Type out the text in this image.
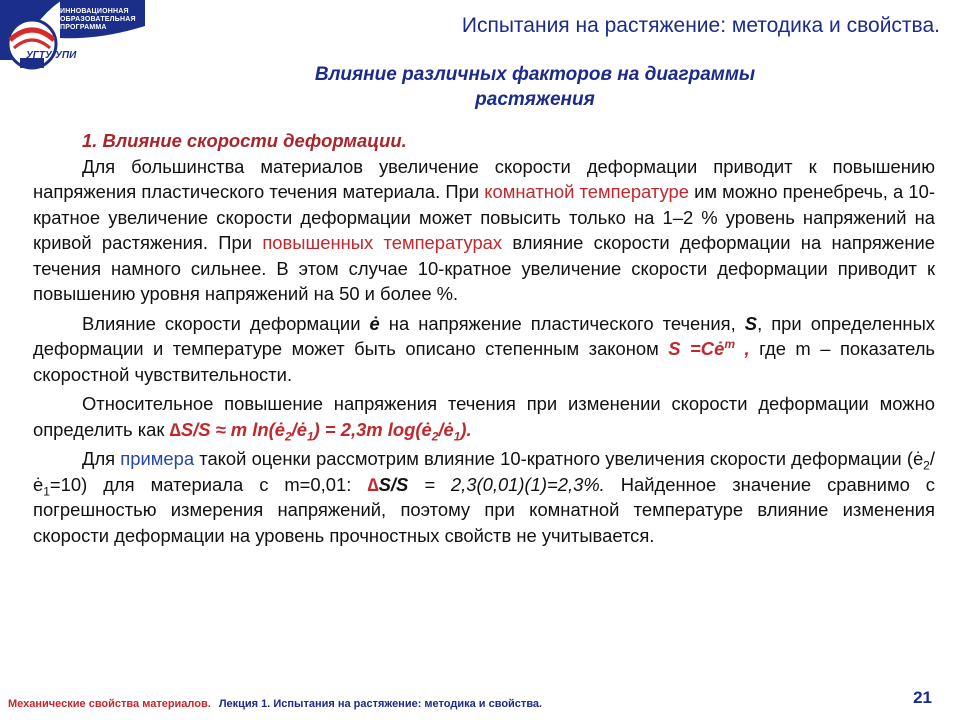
ИННОВАЦИОННАЯ
ОБРАЗОВАТЕЛЬНАЯ
ПРОГРАММА
УГТУ-УПИ
Испытания на растяжение: методика и свойства.
Влияние различных факторов на диаграммы
растяжения
1. Влияние скорости деформации.

Для большинства материалов увеличение скорости деформации приводит к повышению напряжения пластического течения материала. При комнатной температуре им можно пренебречь, а 10-кратное увеличение скорости деформации может повысить только на 1–2 % уровень напряжений на кривой растяжения. При повышенных температурах влияние скорости деформации на напряжение течения намного сильнее. В этом случае 10-кратное увеличение скорости деформации приводит к повышению уровня напряжений на 50 и более %.

Влияние скорости деформации ė на напряжение пластического течения, S, при определенных деформации и температуре может быть описано степенным законом $S =Cė^m$ , где m – показатель скоростной чувствительности.

Относительное повышение напряжения течения при изменении скорости деформации можно определить как ∆S/S ≈ m $\ln(ė_2/ė_1) = 2,3m$ $\log(ė_2/ė_1)$.

Для примера такой оценки рассмотрим влияние 10-кратного увеличения скорости деформации $(ė_2/ė_1=10)$ для материала с m=0,01: ∆S/S = 2,3(0,01)(1)=2,3%. Найденное значение сравнимо с погрешностью измерения напряжений, поэтому при комнатной температуре влияние изменения скорости деформации на уровень прочностных свойств не учитывается.

Механические свойства материалов. Лекция 1. Испытания на растяжение: методика и свойства.	21
